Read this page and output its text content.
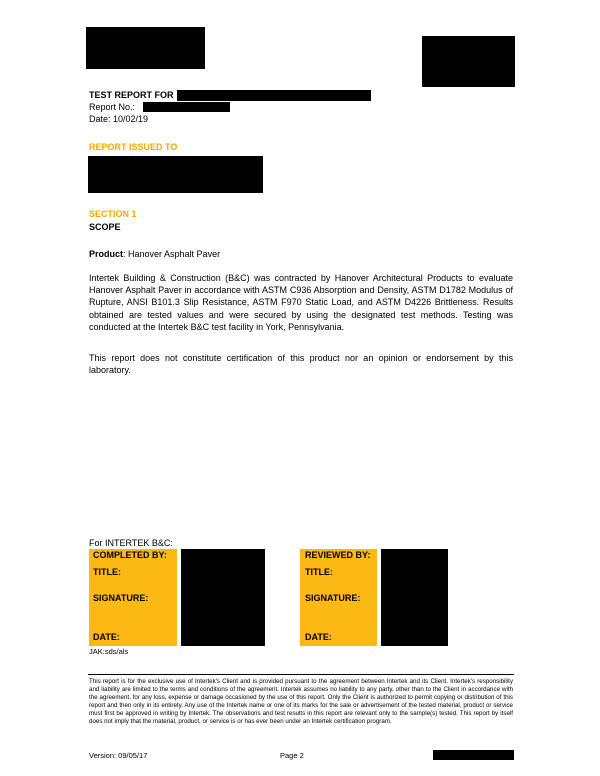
TEST REPORT FOR
Report No.:
Date: 10/02/19
REPORT ISSUED TO
SECTION 1
SCOPE
Product: Hanover Asphalt Paver
Intertek Building & Construction (B&C) was contracted by Hanover Architectural Products to evaluate Hanover Asphalt Paver in accordance with ASTM C936 Absorption and Density, ASTM D1782 Modulus of Rupture, ANSI B101.3 Slip Resistance, ASTM F970 Static Load, and ASTM D4226 Brittleness. Results obtained are tested values and were secured by using the designated test methods. Testing was conducted at the Intertek B&C test facility in York, Pennsylvania.
This report does not constitute certification of this product nor an opinion or endorsement by this laboratory.
For INTERTEK B&C:
COMPLETED BY:
TITLE:
SIGNATURE:
DATE:
REVIEWED BY:
TITLE:
SIGNATURE:
DATE:
JAK:sds/als
This report is for the exclusive use of Intertek's Client and is provided pursuant to the agreement between Intertek and its Client. Intertek's responsibility and liability are limited to the terms and conditions of the agreement. Intertek assumes no liability to any party, other than to the Client in accordance with the agreement, for any loss, expense or damage occasioned by the use of this report. Only the Client is authorized to permit copying or distribution of this report and then only in its entirety. Any use of the Intertek name or one of its marks for the sale or advertisement of the tested material, product or service must first be approved in writing by Intertek. The observations and test results in this report are relevant only to the sample(s) tested. This report by itself does not imply that the material, product, or service is or has ever been under an Intertek certification program.
Version: 09/05/17	Page 2
